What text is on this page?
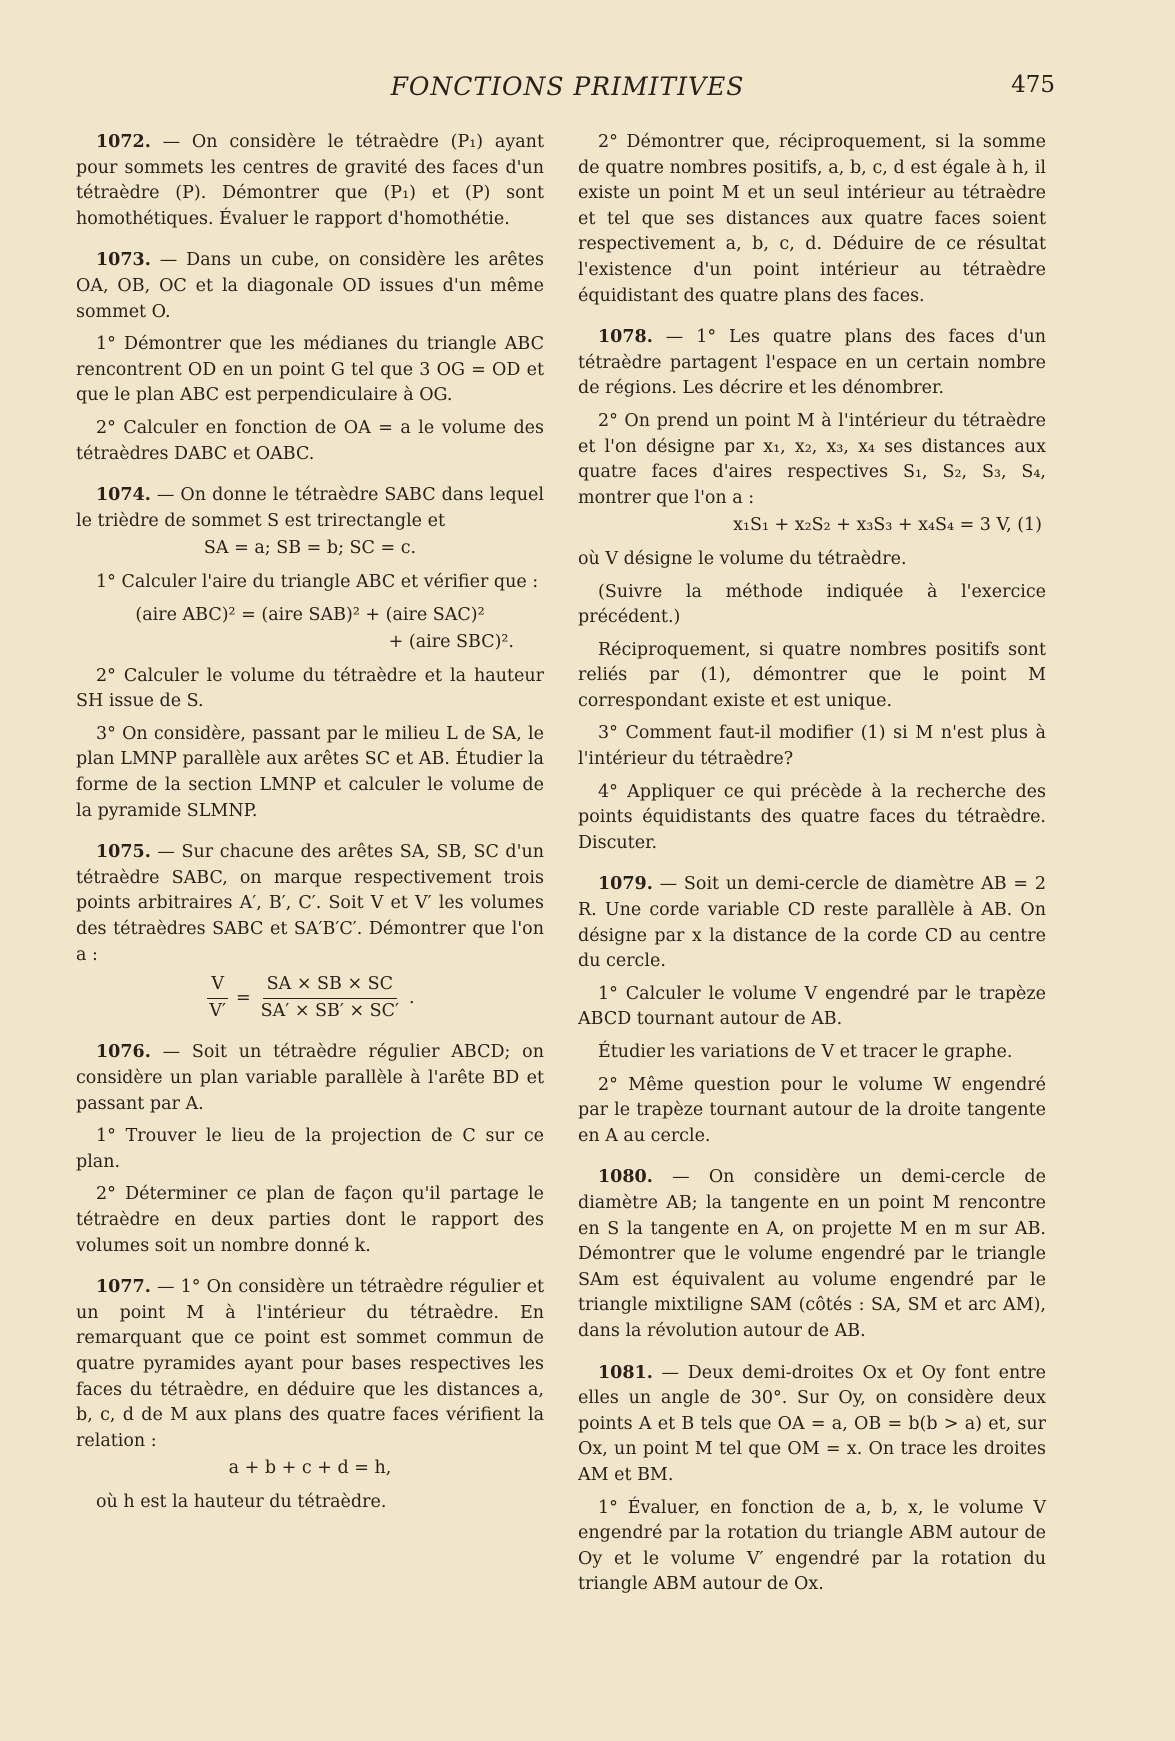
FONCTIONS PRIMITIVES	475

1072. — On considère le tétraèdre (P₁) ayant pour sommets les centres de gravité des faces d'un tétraèdre (P). Démontrer que (P₁) et (P) sont homothétiques. Évaluer le rapport d'homothétie.

1073. — Dans un cube, on considère les arêtes OA, OB, OC et la diagonale OD issues d'un même sommet O.

1° Démontrer que les médianes du triangle ABC rencontrent OD en un point G tel que 3 OG = OD et que le plan ABC est perpendiculaire à OG.

2° Calculer en fonction de OA = a le volume des tétraèdres DABC et OABC.

1074. — On donne le tétraèdre SABC dans lequel le trièdre de sommet S est trirectangle et

SA = a; SB = b; SC = c.

1° Calculer l'aire du triangle ABC et vérifier que :

(aire ABC)² = (aire SAB)² + (aire SAC)²
+ (aire SBC)².

2° Calculer le volume du tétraèdre et la hauteur SH issue de S.

3° On considère, passant par le milieu L de SA, le plan LMNP parallèle aux arêtes SC et AB. Étudier la forme de la section LMNP et calculer le volume de la pyramide SLMNP.

1075. — Sur chacune des arêtes SA, SB, SC d'un tétraèdre SABC, on marque respectivement trois points arbitraires A′, B′, C′. Soit V et V′ les volumes des tétraèdres SABC et SA′B′C′. Démontrer que l'on a :

$\frac{V}{V'} = \frac{SA \times SB \times SC}{SA' \times SB' \times SC'}$ .

1076. — Soit un tétraèdre régulier ABCD; on considère un plan variable parallèle à l'arête BD et passant par A.

1° Trouver le lieu de la projection de C sur ce plan.

2° Déterminer ce plan de façon qu'il partage le tétraèdre en deux parties dont le rapport des volumes soit un nombre donné k.

1077. — 1° On considère un tétraèdre régulier et un point M à l'intérieur du tétraèdre. En remarquant que ce point est sommet commun de quatre pyramides ayant pour bases respectives les faces du tétraèdre, en déduire que les distances a, b, c, d de M aux plans des quatre faces vérifient la relation :

a + b + c + d = h,

où h est la hauteur du tétraèdre.

2° Démontrer que, réciproquement, si la somme de quatre nombres positifs, a, b, c, d est égale à h, il existe un point M et un seul intérieur au tétraèdre et tel que ses distances aux quatre faces soient respectivement a, b, c, d. Déduire de ce résultat l'existence d'un point intérieur au tétraèdre équidistant des quatre plans des faces.

1078. — 1° Les quatre plans des faces d'un tétraèdre partagent l'espace en un certain nombre de régions. Les décrire et les dénombrer.

2° On prend un point M à l'intérieur du tétraèdre et l'on désigne par x₁, x₂, x₃, x₄ ses distances aux quatre faces d'aires respectives S₁, S₂, S₃, S₄, montrer que l'on a :

x₁S₁ + x₂S₂ + x₃S₃ + x₄S₄ = 3 V, (1)

où V désigne le volume du tétraèdre.

(Suivre la méthode indiquée à l'exercice précédent.)

Réciproquement, si quatre nombres positifs sont reliés par (1), démontrer que le point M correspondant existe et est unique.

3° Comment faut-il modifier (1) si M n'est plus à l'intérieur du tétraèdre?

4° Appliquer ce qui précède à la recherche des points équidistants des quatre faces du tétraèdre. Discuter.

1079. — Soit un demi-cercle de diamètre AB = 2 R. Une corde variable CD reste parallèle à AB. On désigne par x la distance de la corde CD au centre du cercle.

1° Calculer le volume V engendré par le trapèze ABCD tournant autour de AB.

Étudier les variations de V et tracer le graphe.

2° Même question pour le volume W engendré par le trapèze tournant autour de la droite tangente en A au cercle.

1080. — On considère un demi-cercle de diamètre AB; la tangente en un point M rencontre en S la tangente en A, on projette M en m sur AB. Démontrer que le volume engendré par le triangle SAm est équivalent au volume engendré par le triangle mixtiligne SAM (côtés : SA, SM et arc AM), dans la révolution autour de AB.

1081. — Deux demi-droites Ox et Oy font entre elles un angle de 30°. Sur Oy, on considère deux points A et B tels que OA = a, OB = b(b > a) et, sur Ox, un point M tel que OM = x. On trace les droites AM et BM.

1° Évaluer, en fonction de a, b, x, le volume V engendré par la rotation du triangle ABM autour de Oy et le volume V′ engendré par la rotation du triangle ABM autour de Ox.
